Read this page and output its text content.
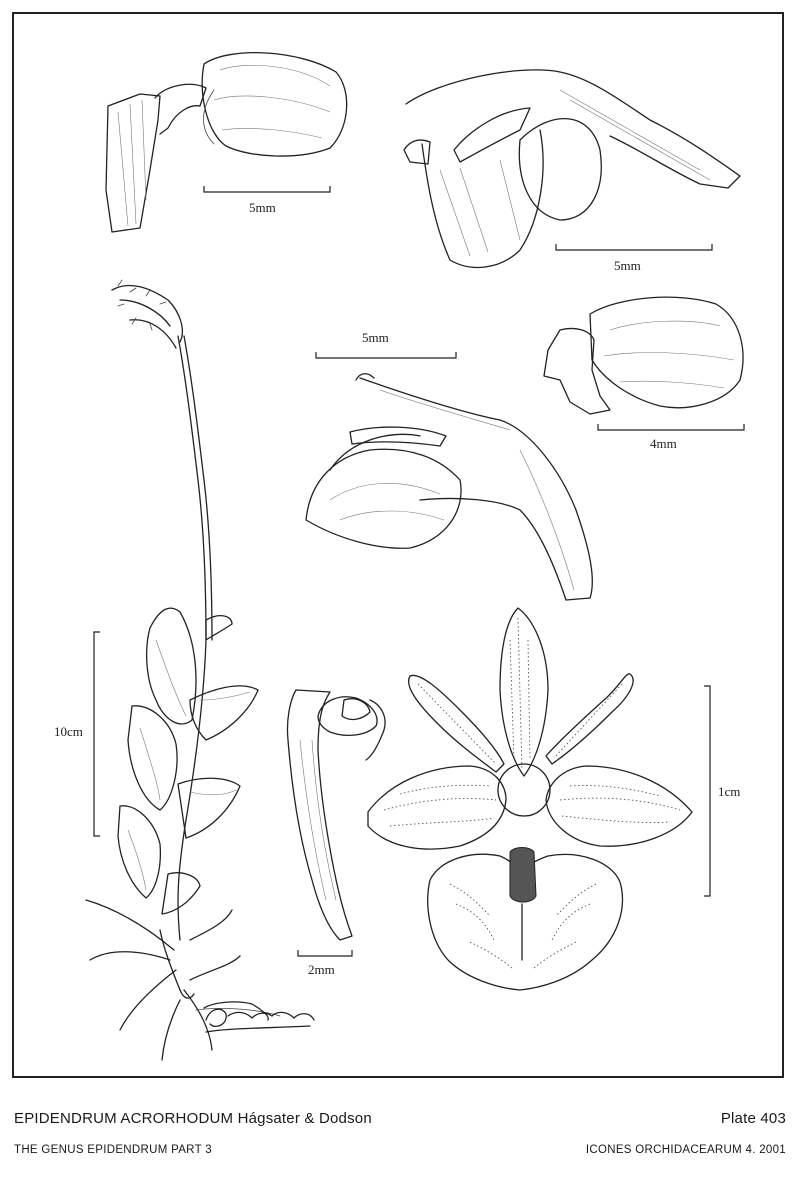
5mm
5mm
5mm
4mm
10cm
2mm
1cm
EPIDENDRUM ACRORHODUM Hágsater & Dodson	Plate 403
THE GENUS EPIDENDRUM PART 3	ICONES ORCHIDACEARUM 4. 2001
